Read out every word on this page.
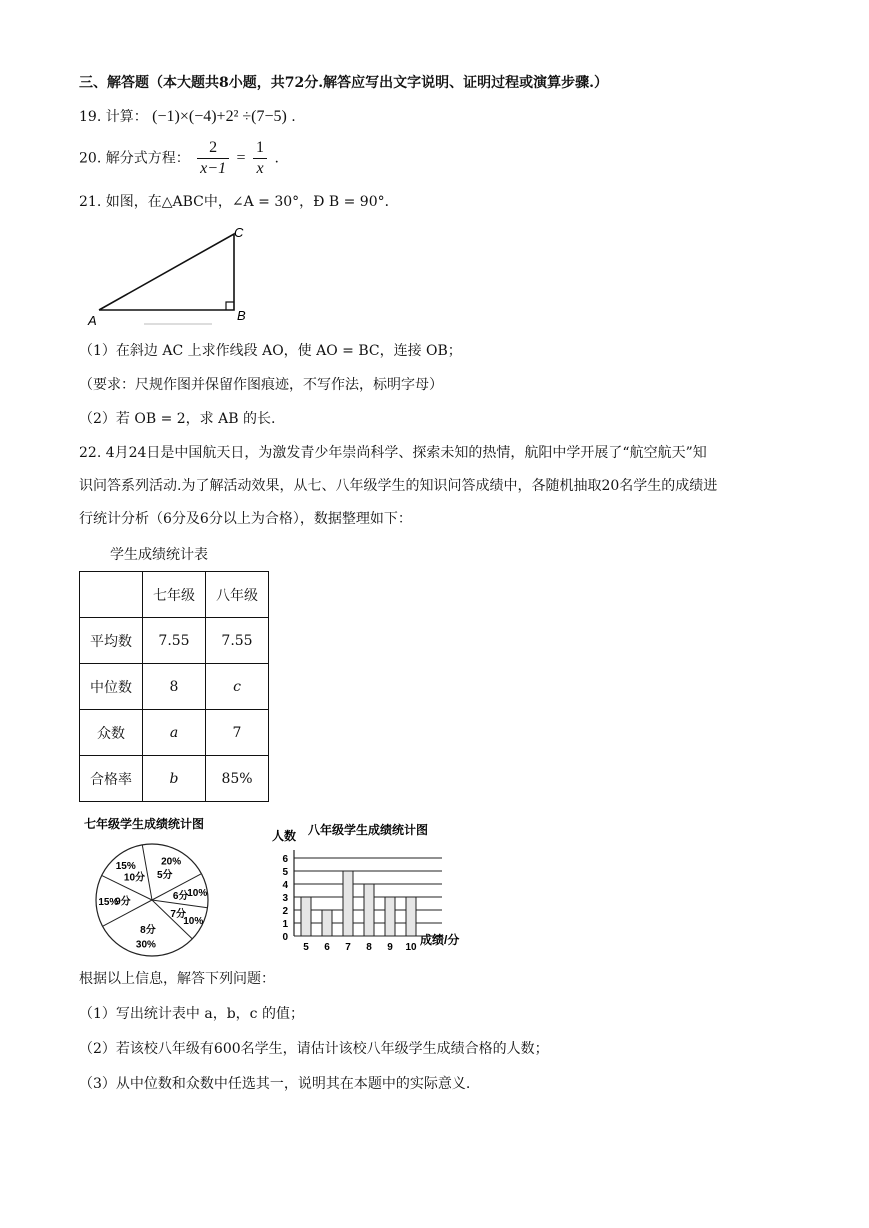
三、解答题（本大题共8小题，共72分.解答应写出文字说明、证明过程或演算步骤.）
19. 计算： (−1)×(−4)+2² ÷(7−5) .
20. 解分式方程： $\frac{2}{x-1} = \frac{1}{x}$ .
21. 如图，在△ABC中，∠A = 30°，Ð B = 90°．
A	B
C
（1）在斜边 AC 上求作线段 AO，使 AO = BC，连接 OB；
（要求：尺规作图并保留作图痕迹，不写作法，标明字母）
（2）若 OB = 2，求 AB 的长.
22. 4月24日是中国航天日，为激发青少年崇尚科学、探索未知的热情，航阳中学开展了“航空航天”知
识问答系列活动.为了解活动效果，从七、八年级学生的知识问答成绩中，各随机抽取20名学生的成绩进
行统计分析（6分及6分以上为合格），数据整理如下：
学生成绩统计表
	七年级	八年级
平均数	7.55	7.55
中位数	8	c
众数	a	7
合格率	b	85%
七年级学生成绩统计图
5分
20%
6分
10%
7分
10%
8分
30%
9分
15%
10分
15%
八年级学生成绩统计图
人数
成绩/分
0
1
2
3
4
5
6
5 6 7 8 9 10
根据以上信息，解答下列问题：
（1）写出统计表中 a，b，c 的值；
（2）若该校八年级有600名学生，请估计该校八年级学生成绩合格的人数；
（3）从中位数和众数中任选其一，说明其在本题中的实际意义.
